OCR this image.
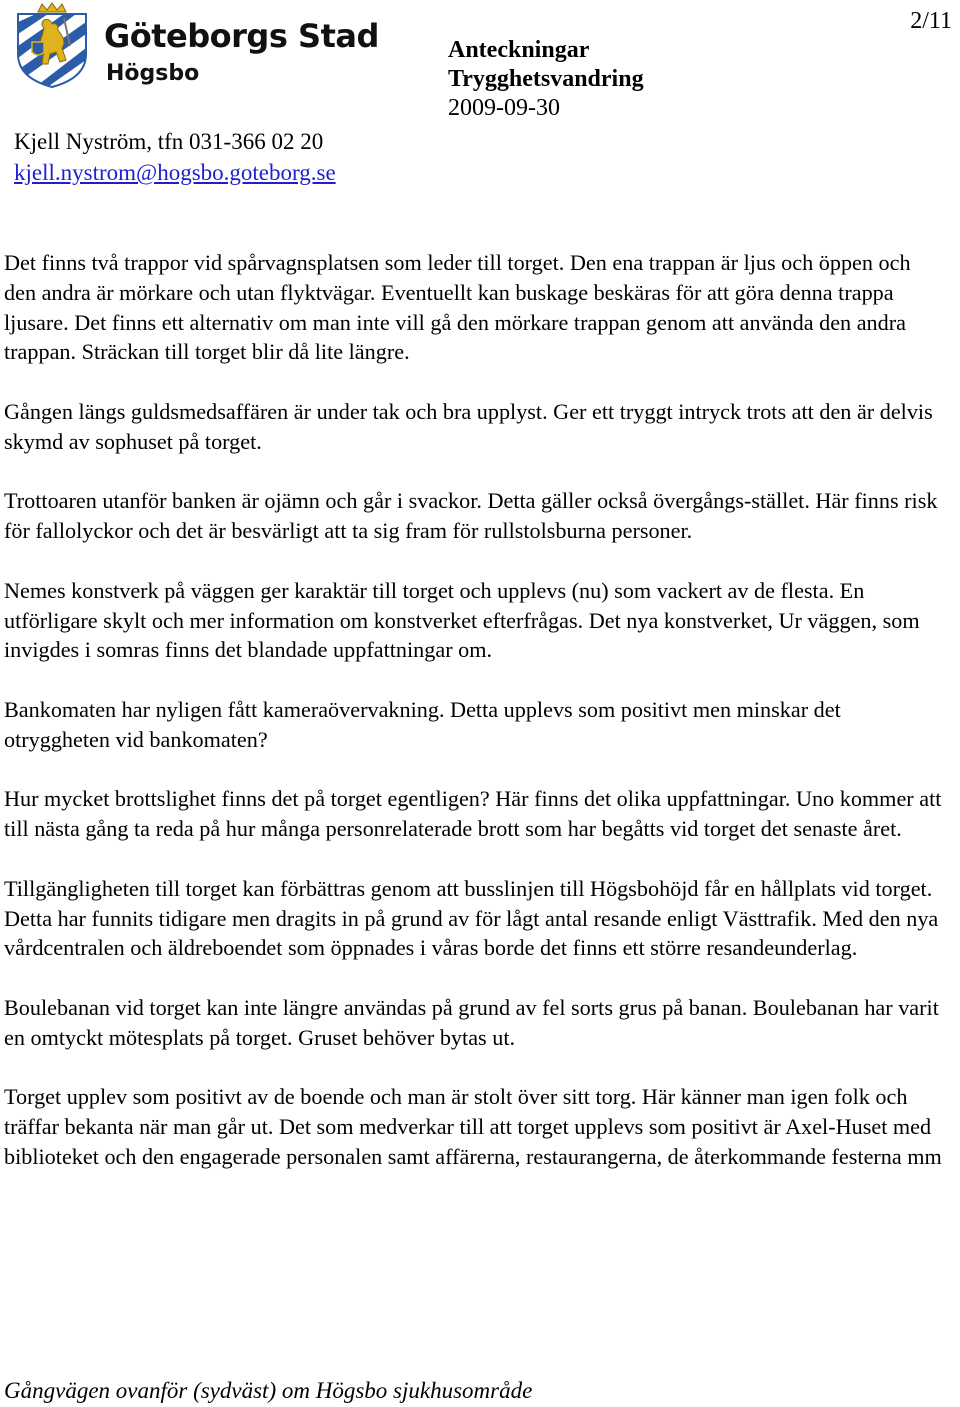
Göteborgs Stad
Högsbo
Anteckningar
Trygghetsvandring
2009-09-30
2/11
Kjell Nyström, tfn 031-366 02 20
kjell.nystrom@hogsbo.goteborg.se

Det finns två trappor vid spårvagnsplatsen som leder till torget. Den ena trappan är ljus och öppen och den andra är mörkare och utan flyktvägar. Eventuellt kan buskage beskäras för att göra denna trappa ljusare. Det finns ett alternativ om man inte vill gå den mörkare trappan genom att använda den andra trappan. Sträckan till torget blir då lite längre.

Gången längs guldsmedsaffären är under tak och bra upplyst. Ger ett tryggt intryck trots att den är delvis skymd av sophuset på torget.

Trottoaren utanför banken är ojämn och går i svackor. Detta gäller också övergångs-stället. Här finns risk för fallolyckor och det är besvärligt att ta sig fram för rullstolsburna personer.

Nemes konstverk på väggen ger karaktär till torget och upplevs (nu) som vackert av de flesta. En utförligare skylt och mer information om konstverket efterfrågas. Det nya konstverket, Ur väggen, som invigdes i somras finns det blandade uppfattningar om.

Bankomaten har nyligen fått kameraövervakning. Detta upplevs som positivt men minskar det otryggheten vid bankomaten?

Hur mycket brottslighet finns det på torget egentligen? Här finns det olika uppfattningar. Uno kommer att till nästa gång ta reda på hur många personrelaterade brott som har begåtts vid torget det senaste året.

Tillgängligheten till torget kan förbättras genom att busslinjen till Högsbohöjd får en hållplats vid torget. Detta har funnits tidigare men dragits in på grund av för lågt antal resande enligt Västtrafik. Med den nya vårdcentralen och äldreboendet som öppnades i våras borde det finns ett större resandeunderlag.

Boulebanan vid torget kan inte längre användas på grund av fel sorts grus på banan. Boulebanan har varit en omtyckt mötesplats på torget. Gruset behöver bytas ut.

Torget upplev som positivt av de boende och man är stolt över sitt torg. Här känner man igen folk och träffar bekanta när man går ut. Det som medverkar till att torget upplevs som positivt är Axel-Huset med biblioteket och den engagerade personalen samt affärerna, restaurangerna, de återkommande festerna mm

Gångvägen ovanför (sydväst) om Högsbo sjukhusområde
